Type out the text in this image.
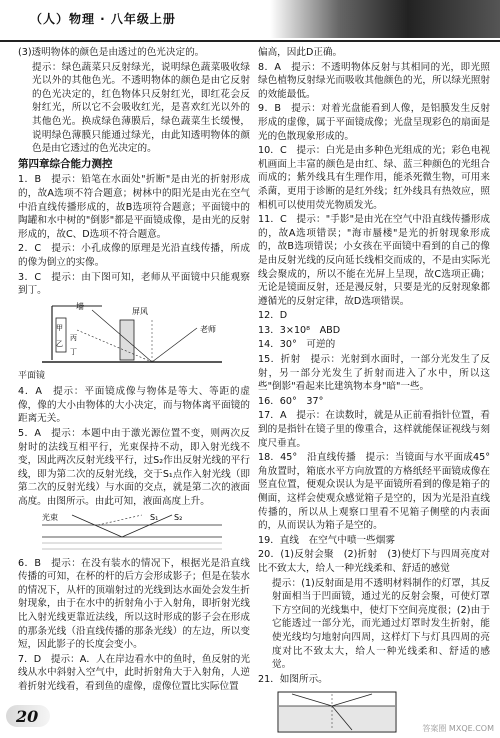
（人）物理 · 八年级上册

(3)透明物体的颜色是由透过的色光决定的。

提示：绿色蔬菜只反射绿光，说明绿色蔬菜吸收绿光以外的其他色光。不透明物体的颜色是由它反射的色光决定的，红色物体只反射红光，即红花会反射红光，所以它不会吸收红光，是喜欢红光以外的其他色光。换成绿色薄膜后，绿色蔬菜生长缓慢，说明绿色薄膜只能通过绿光，由此知透明物体的颜色是由它透过的色光决定的。

第四章综合能力测控

1．B　提示：铅笔在水面处"折断"是由光的折射形成的，故A选项不符合题意；树林中的阳光是由光在空气中沿直线传播形成的，故B选项符合题意；平面镜中的陶罐和水中树的"倒影"都是平面镜成像，是由光的反射形成的，故C、D选项不符合题意。

2．C　提示：小孔成像的原理是光沿直线传播，所成的像为倒立的实像。

3．C　提示：由下图可知，老师从平面镜中只能观察到丁。

墙
屏风
老师
甲
乙
丙
丁

平面镜

4．A　提示：平面镜成像与物体是等大、等距的虚像，像的大小由物体的大小决定，而与物体离平面镜的距离无关。

5．A　提示：本题中由于激光源位置不变，则两次反射时的法线互相平行，光束保持不动，即入射光线不变，因此两次反射光线平行，过S₂作出反射光线的平行线，即为第二次的反射光线，交于S₁点作入射光线（即第二次的反射光线）与水面的交点，就是第二次的液面高度。由图所示。由此可知，液面高度上升。

光束	S₁ S₂

6．B　提示：在没有装水的情况下，根据光是沿直线传播的可知，在杯的杆的后方会形成影子；但是在装水的情况下，从杆的顶端射过的光线到达水面处会发生折射现象，由于在水中的折射角小于入射角，即折射光线比入射光线更靠近法线，所以这时形成的影子会在形成的那条光线（沿直线传播的那条光线）的左边，所以变短，因此影子的长度会变小。

7．D　提示：A．人在岸边看水中的鱼时，鱼反射的光线从水中斜射入空气中，此时折射角大于入射角，人逆着折射光线看，看到鱼的虚像，虚像位置比实际位置

偏高，因此D正确。

8．A　提示：不透明物体反射与其相同的光，即光照绿色植物反射绿光而吸收其他颜色的光，所以绿光照射的效能最低。

9．B　提示：对着光盘能看到人像，是铝膜发生反射形成的虚像，属于平面镜成像；光盘呈现彩色的扇面是光的色散现象形成的。

10．C　提示：白光是由多种色光组成的光；彩色电视机画面上丰富的颜色是由红、绿、蓝三种颜色的光组合而成的；紫外线具有生理作用，能杀死微生物，可用来杀菌，更用于诊断的是红外线；红外线具有热效应，照相机可以使用荧光物质发光。

11．C　提示："手影"是由光在空气中沿直线传播形成的，故A选项错误；"海市蜃楼"是光的折射现象形成的，故B选项错误；小女孩在平面镜中看到的自己的像是由反射光线的反向延长线相交而成的，不是由实际光线会聚成的，所以不能在光屏上呈现，故C选项正确；无论是镜面反射，还是漫反射，只要是光的反射现象都遵循光的反射定律，故D选项错误。

12．D

13．3×10⁸　ABD

14．30°　可逆的

15．折射　提示：光射到水面时，一部分光发生了反射，另一部分光发生了折射而进入了水中，所以这些"倒影"看起来比建筑物本身"暗"一些。

16．60°　37°

17．A　提示：在读数时，就是从正前看指针位置，看到的是指针在镜子里的像重合，这样就能保证视线与刻度尺垂直。

18．45°　沿直线传播　提示：当镜面与水平面成45°角放置时，箱底水平方向放置的方格纸经平面镜成像在竖直位置，便观众误认为是平面镜所看到的像是箱子的侧面，这样会使观众感觉箱子是空的，因为光是沿直线传播的，所以从上观察口里看不见箱子侧壁的内表面的，从而误认为箱子是空的。

19．直线　在空气中喷一些烟雾

20．(1)反射会聚　(2)折射　(3)使灯下与四周亮度对比不致太大，给人一种光线柔和、舒适的感觉

提示：(1)反射面是用不透明材料制作的灯罩，其反射面相当于凹面镜，通过光的反射会聚，可使灯罩下方空间的光线集中，使灯下空间亮度很；(2)由于它能透过一部分光，而光通过灯罩时发生折射，能使光线均匀地射向四周，这样灯下与灯具四周的亮度对比不致太大，给人一种光线柔和、舒适的感觉。

21．如图所示。

20
答案圈 MXQE.COM
